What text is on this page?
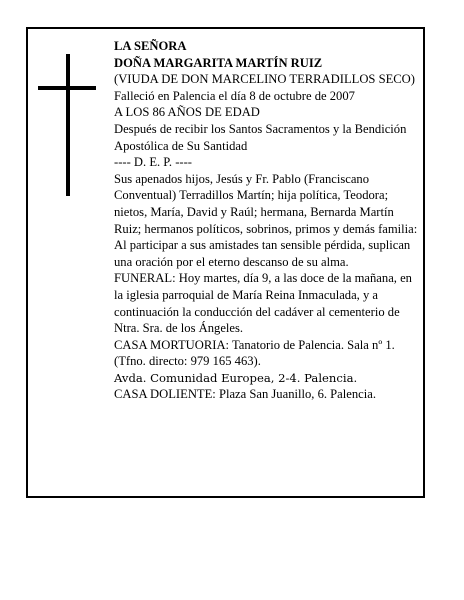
LA SEÑORA

DOÑA MARGARITA MARTÍN RUIZ

(VIUDA DE DON MARCELINO TERRADILLOS SECO)

Falleció en Palencia el día 8 de octubre de 2007

A LOS 86 AÑOS DE EDAD

Después de recibir los Santos Sacramentos y la Bendición Apostólica de Su Santidad

---- D. E. P. ----

Sus apenados hijos, Jesús y Fr. Pablo (Franciscano Conventual) Terradillos Martín; hija política, Teodora; nietos, María, David y Raúl; hermana, Bernarda Martín Ruiz; hermanos políticos, sobrinos, primos y demás familia:

Al participar a sus amistades tan sensible pérdida, suplican una oración por el eterno descanso de su alma.

FUNERAL: Hoy martes, día 9, a las doce de la mañana, en la iglesia parroquial de María Reina Inmaculada, y a continuación la conducción del cadáver al cementerio de Ntra. Sra. de los Ángeles.

CASA MORTUORIA: Tanatorio de Palencia. Sala nº 1. (Tfno. directo: 979 165 463).

Avda. Comunidad Europea, 2-4. Palencia.

CASA DOLIENTE: Plaza San Juanillo, 6. Palencia.
